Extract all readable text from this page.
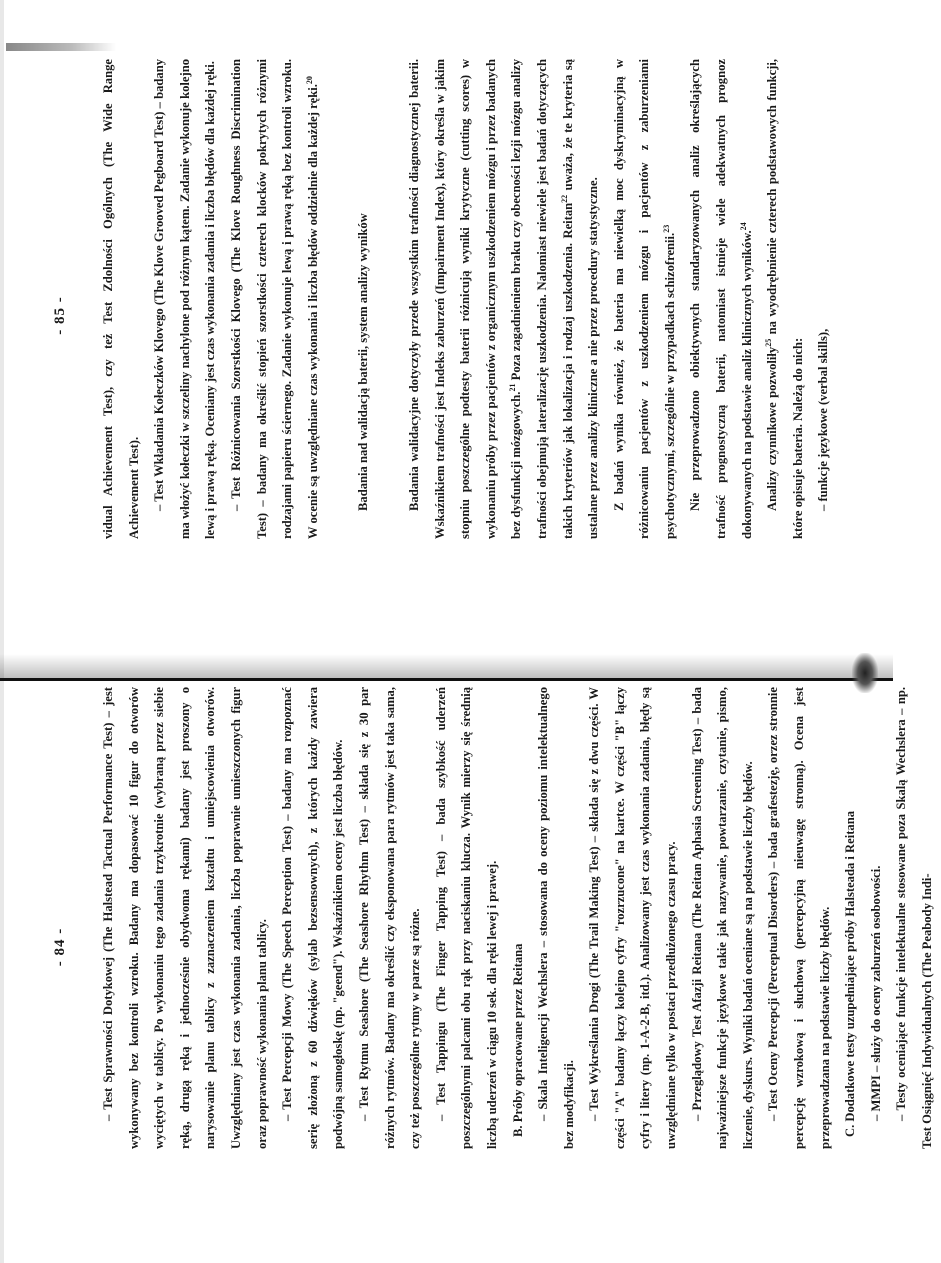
- 84 -	– Test Sprawności Dotykowej (The Halstead Tactual Performance Test) – jest wykonywany bez kontroli wzroku. Badany ma dopasować 10 figur do otworów wyciętych w tablicy. Po wykonaniu tego zadania trzykrotnie (wybraną przez siebie ręką, drugą ręką i jednocześnie obydwoma rękami) badany jest proszony o narysowanie planu tablicy z zaznaczeniem kształtu i umiejscowienia otworów. Uwzględniany jest czas wykonania zadania, liczba poprawnie umieszczonych figur oraz poprawność wykonania planu tablicy. – Test Percepcji Mowy (The Speech Perception Test) – badany ma rozpoznać serię złożoną z 60 dźwięków (sylab bezsensownych), z których każdy zawiera podwójną samogłoskę (np. "geend"). Wskaźnikiem oceny jest liczba błędów. – Test Rytmu Seashore (The Seashore Rhythm Test) – składa się z 30 par różnych rytmów. Badany ma określić czy eksponowana para rytmów jest taka sama, czy też poszczególne rytmy w parze są różne. – Test Tappingu (The Finger Tapping Test) – bada szybkość uderzeń poszczególnymi palcami obu rąk przy naciskaniu klucza. Wynik mierzy się średnią liczbą uderzeń w ciągu 10 sek. dla ręki lewej i prawej. B. Próby opracowane przez Reitana – Skala Inteligencji Wechslera – stosowana do oceny poziomu intelektualnego bez modyfikacji. – Test Wykreślania Drogi (The Trail Making Test) – składa się z dwu części. W części "A" badany łączy kolejno cyfry "rozrzucone" na kartce. W części "B" łączy cyfry i litery (np. 1-A-2-B, itd.). Analizowany jest czas wykonania zadania, błędy są uwzględniane tylko w postaci przedłużonego czasu pracy. – Przeglądowy Test Afazji Reitana (The Reitan Aphasia Screening Test) – bada najważniejsze funkcje językowe takie jak nazywanie, powtarzanie, czytanie, pismo, liczenie, dyskurs. Wyniki badań oceniane są na podstawie liczby błędów. – Test Oceny Percepcji (Perceptual Disorders) – bada grafestezję, orzez stronnie percepcję wzrokową i słuchową (percepcyjną nieuwagę stronną). Ocena jest przeprowadzana na podstawie liczby błędów. C. Dodatkowe testy uzupełniające próby Halsteada i Reitana – MMPI – służy do oceny zaburzeń osobowości. – Testy oceniające funkcje intelektualne stosowane poza Skalą Wechslera – np. Test Osiągnięć Indywidualnych (The Peabody Indi-

- 85 -	vidual Achievement Test), czy też Test Zdolności Ogólnych (The Wide Range Achievement Test). – Test Wkładania Kołeczków Klovego (The Klove Grooved Pegboard Test) – badany ma włożyć kołeczki w szczeliny nachylone pod różnym kątem. Zadanie wykonuje kolejno lewą i prawą ręką. Oceniany jest czas wykonania zadania i liczba błędów dla każdej ręki. – Test Różnicowania Szorstkości Klovego (The Klove Roughness Discrimination Test) – badany ma określić stopień szorstkości czterech klocków pokrytych różnymi rodzajami papieru ściernego. Zadanie wykonuje lewą i prawą ręką bez kontroli wzroku. W ocenie są uwzględniane czas wykonania i liczba błędów oddzielnie dla każdej ręki.$^{20}$

Badania nad walidacją baterii, system analizy wyników	Badania walidacyjne dotyczyły przede wszystkim trafności diagnostycznej baterii. Wskaźnikiem trafności jest Indeks zaburzeń (Impairment Index), który określa w jakim stopniu poszczególne podtesty baterii różnicują wyniki krytyczne (cutting scores) w wykonaniu próby przez pacjentów z organicznym uszkodzeniem mózgu i przez badanych bez dysfunkcji mózgowych.$^{21}$ Poza zagadnieniem braku czy obecności lezji mózgu analizy trafności obejmują lateralizację uszkodzenia. Nalomiast niewiele jest badań dotyczących takich kryteriów jak lokalizacja i rodzaj uszkodzenia. Reitan$^{22}$ uważa, że te kryteria są ustalane przez analizy kliniczne a nie przez procedury statystyczne. Z badań wynika również, że bateria ma niewielką moc dyskryminacyjną w różnicowaniu pacjentów z uszkodzeniem mózgu i pacjentów z zaburzeniami psychotycznymi, szczególnie w przypadkach schizofrenii.$^{23}$	Nie przeprowadzono obiektywnych standaryzowanych analiz określających trafność prognostyczną baterii, natomiast istnieje wiele adekwatnych prognoz dokonywanych na podstawie analiz klinicznych wyników.$^{24}$

Analizy czynnikowe pozwoliły$^{25}$ na wyodrębnienie czterech podstawowych funkcji, które opisuje bateria. Należą do nich: – funkcje językowe (verbal skills),
